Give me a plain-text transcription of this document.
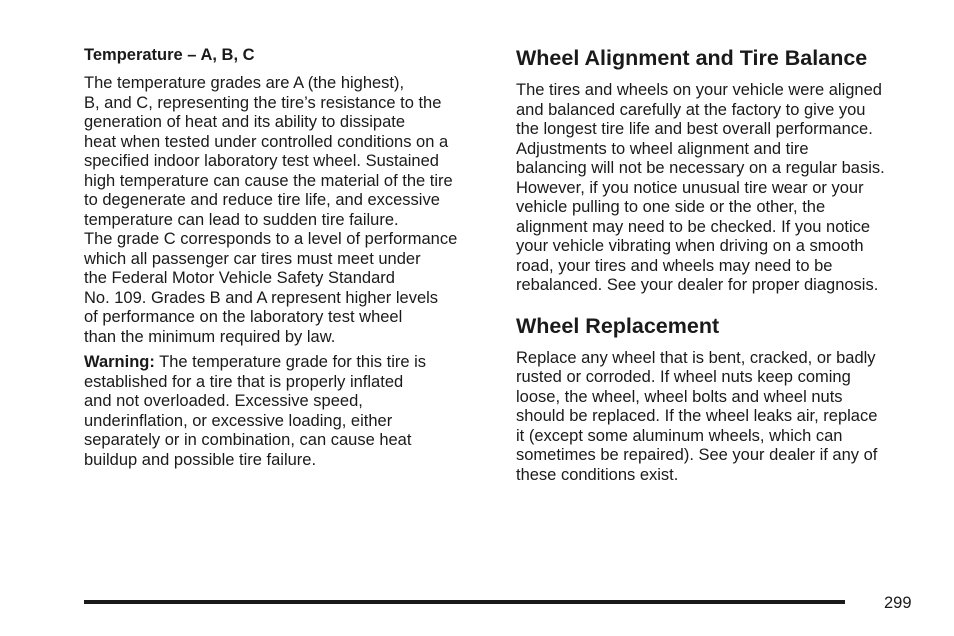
Temperature – A, B, C

The temperature grades are A (the highest),
B, and C, representing the tire’s resistance to the
generation of heat and its ability to dissipate
heat when tested under controlled conditions on a
specified indoor laboratory test wheel. Sustained
high temperature can cause the material of the tire
to degenerate and reduce tire life, and excessive
temperature can lead to sudden tire failure.
The grade C corresponds to a level of performance
which all passenger car tires must meet under
the Federal Motor Vehicle Safety Standard
No. 109. Grades B and A represent higher levels
of performance on the laboratory test wheel
than the minimum required by law.

Warning: The temperature grade for this tire is
established for a tire that is properly inflated
and not overloaded. Excessive speed,
underinflation, or excessive loading, either
separately or in combination, can cause heat
buildup and possible tire failure.

Wheel Alignment and Tire Balance

The tires and wheels on your vehicle were aligned
and balanced carefully at the factory to give you
the longest tire life and best overall performance.
Adjustments to wheel alignment and tire
balancing will not be necessary on a regular basis.
However, if you notice unusual tire wear or your
vehicle pulling to one side or the other, the
alignment may need to be checked. If you notice
your vehicle vibrating when driving on a smooth
road, your tires and wheels may need to be
rebalanced. See your dealer for proper diagnosis.

Wheel Replacement

Replace any wheel that is bent, cracked, or badly
rusted or corroded. If wheel nuts keep coming
loose, the wheel, wheel bolts and wheel nuts
should be replaced. If the wheel leaks air, replace
it (except some aluminum wheels, which can
sometimes be repaired). See your dealer if any of
these conditions exist.

299
